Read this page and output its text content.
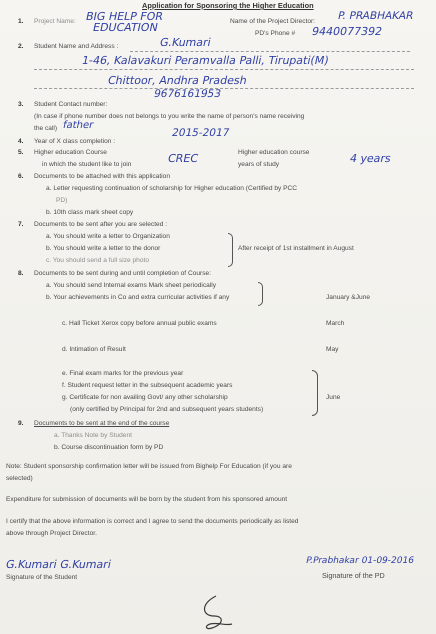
Application for Sponsoring the Higher Education
1. Project Name: BIG HELP FOR
EDUCATION	Name of the Project Director: P. PRABHAKAR
PD's Phone # 9440077392
2. Student Name and Address :	G.Kumari
1-46, Kalavakuri Peramvalla Palli, Tirupati(M)
Chittoor, Andhra Pradesh
9676161953
3. Student Contact number:
(In case if phone number does not belongs to you write the name of person's name receiving
the call) father
4. Year of X class completion :
2015-2017
5. Higher education Course
in which the student like to join	CREC	Higher education course
years of study	4 years
6. Documents to be attached with this application
a. Letter requesting continuation of scholarship for Higher education (Certified by PCC
PD)
b. 10th class mark sheet copy
7. Documents to be sent after you are selected :
a. You should write a letter to Organization
b. You should write a letter to the donor
c. You should send a full size photo
After receipt of 1st installment in August
8. Documents to be sent during and until completion of Course:
a. You should send Internal exams Mark sheet periodically
b. Your achievements in Co and extra curricular activities if any	January &June
c. Hall Ticket Xerox copy before annual public exams	March
d. Intimation of Result	May
e. Final exam marks for the previous year
f. Student request letter in the subsequent academic years
g. Certificate for non availing Govt/ any other scholarship
(only certified by Principal for 2nd and subsequent years students)
June
9. Documents to be sent at the end of the course
a. Thanks Note by Student
b. Course discontinuation form by PD
Note: Student sponsorship confirmation letter will be issued from Bighelp For Education (if you are
selected)
Expenditure for submission of documents will be born by the student from his sponsored amount
I certify that the above information is correct and I agree to send the documents periodically as listed
above through Project Director.
G.Kumari G.Kumari
Signature of the Student
P.Prabhakar 01-09-2016
Signature of the PD
